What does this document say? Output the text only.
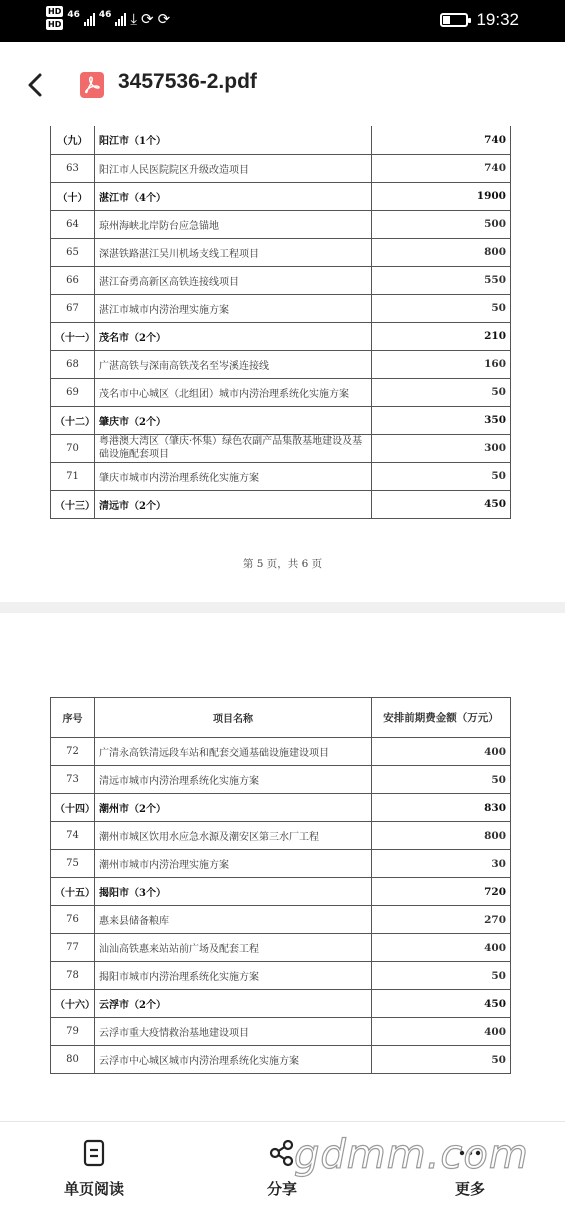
HD
HD
46 46 ⤓ ⟳ ⟳	19:32
3457536-2.pdf
（九）	阳江市（1个）	740
63	阳江市人民医院院区升级改造项目	740
（十）	湛江市（4个）	1900
64	琼州海峡北岸防台应急锚地	500
65	深湛铁路湛江吴川机场支线工程项目	800
66	湛江奋勇高新区高铁连接线项目	550
67	湛江市城市内涝治理实施方案	50
（十一）	茂名市（2个）	210
68	广湛高铁与深南高铁茂名至岑溪连接线	160
69	茂名市中心城区（北组团）城市内涝治理系统化实施方案	50
（十二）	肇庆市（2个）	350
70	粤港澳大湾区（肇庆·怀集）绿色农副产品集散基地建设及基础设施配套项目	300
71	肇庆市城市内涝治理系统化实施方案	50
（十三）	清远市（2个）	450
第 5 页，共 6 页
序号	项目名称	安排前期费金额（万元）
72	广清永高铁清远段车站和配套交通基础设施建设项目	400
73	清远市城市内涝治理系统化实施方案	50
（十四）	潮州市（2个）	830
74	潮州市城区饮用水应急水源及潮安区第三水厂工程	800
75	潮州市城市内涝治理实施方案	30
（十五）	揭阳市（3个）	720
76	惠来县储备粮库	270
77	汕汕高铁惠来站站前广场及配套工程	400
78	揭阳市城市内涝治理系统化实施方案	50
（十六）	云浮市（2个）	450
79	云浮市重大疫情救治基地建设项目	400
80	云浮市中心城区城市内涝治理系统化实施方案	50
单页阅读	分享	更多
gdmm.com
